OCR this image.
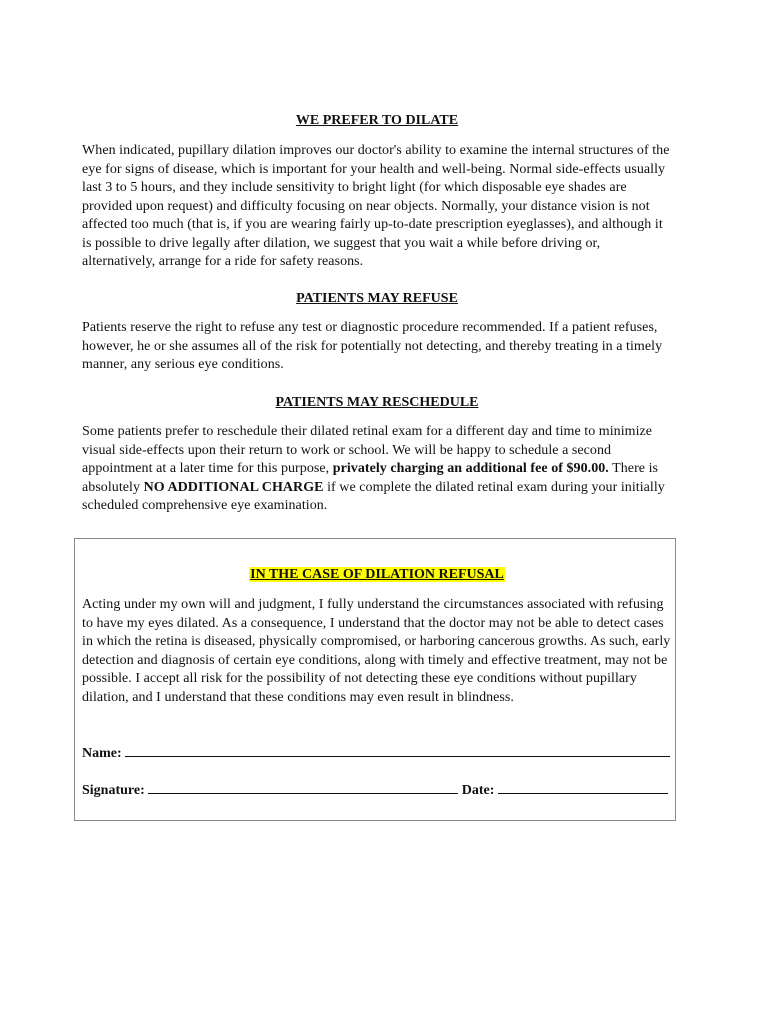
WE PREFER TO DILATE

When indicated, pupillary dilation improves our doctor's ability to examine the internal structures of the eye for signs of disease, which is important for your health and well-being. Normal side-effects usually last 3 to 5 hours, and they include sensitivity to bright light (for which disposable eye shades are provided upon request) and difficulty focusing on near objects. Normally, your distance vision is not affected too much (that is, if you are wearing fairly up-to-date prescription eyeglasses), and although it is possible to drive legally after dilation, we suggest that you wait a while before driving or, alternatively, arrange for a ride for safety reasons.

PATIENTS MAY REFUSE

Patients reserve the right to refuse any test or diagnostic procedure recommended. If a patient refuses, however, he or she assumes all of the risk for potentially not detecting, and thereby treating in a timely manner, any serious eye conditions.

PATIENTS MAY RESCHEDULE

Some patients prefer to reschedule their dilated retinal exam for a different day and time to minimize visual side-effects upon their return to work or school. We will be happy to schedule a second appointment at a later time for this purpose, privately charging an additional fee of $90.00. There is absolutely NO ADDITIONAL CHARGE if we complete the dilated retinal exam during your initially scheduled comprehensive eye examination.

IN THE CASE OF DILATION REFUSAL

Acting under my own will and judgment, I fully understand the circumstances associated with refusing to have my eyes dilated. As a consequence, I understand that the doctor may not be able to detect cases in which the retina is diseased, physically compromised, or harboring cancerous growths. As such, early detection and diagnosis of certain eye conditions, along with timely and effective treatment, may not be possible. I accept all risk for the possibility of not detecting these eye conditions without pupillary dilation, and I understand that these conditions may even result in blindness.

Name:
Signature:	Date:
